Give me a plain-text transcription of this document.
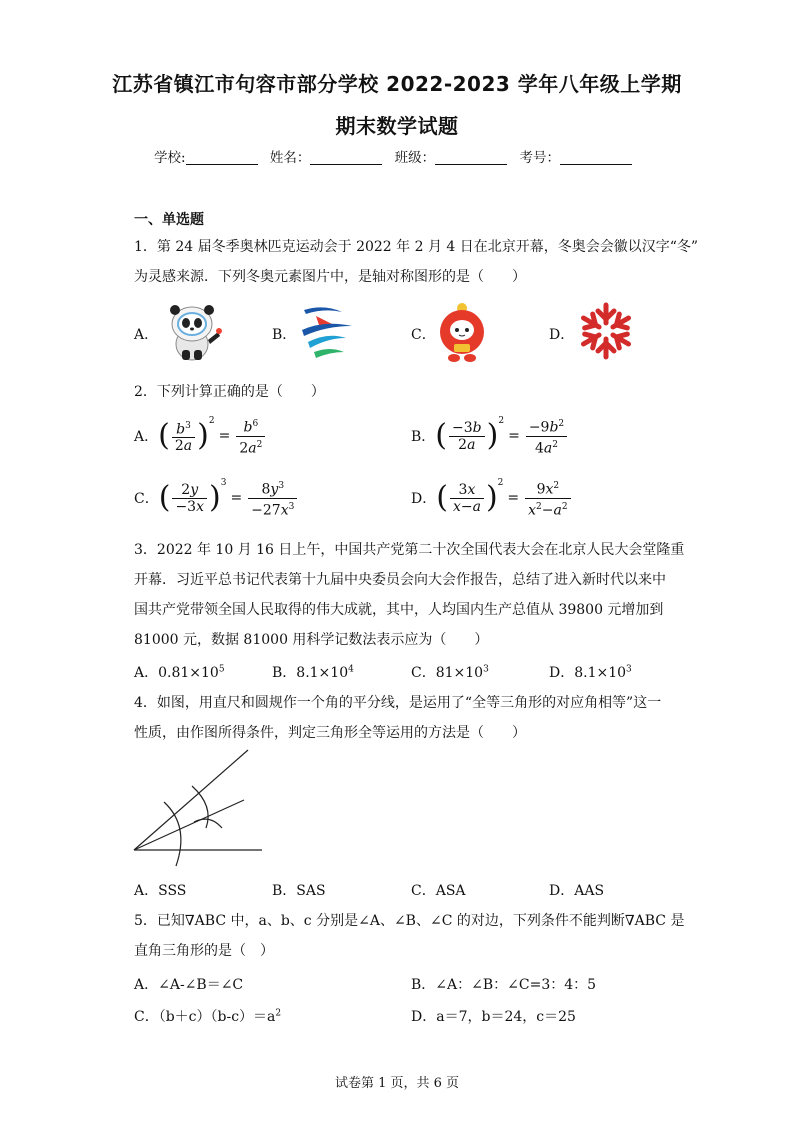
江苏省镇江市句容市部分学校 2022-2023 学年八年级上学期
期末数学试题
学校:	姓名：	班级：	考号：
一、单选题
1．第 24 届冬季奥林匹克运动会于 2022 年 2 月 4 日在北京开幕，冬奥会会徽以汉字“冬”
为灵感来源．下列冬奥元素图片中，是轴对称图形的是（　　）
A．	B．	C．	D．
2．下列计算正确的是（　　）
A． ( $\frac{b^3}{2a} )^2$
= $\frac{b^6}{2a^2}$	B． ( $\frac{-3b}{2a} )^2$
= $\frac{-9b^2}{4a^2}$
C． ( $\frac{2y}{-3x} )^3$
= $\frac{8y^3}{-27x^3}$	D． ( $\frac{3x}{x-a} )^2$
= $\frac{9x^2}{x^2-a^2}$
3．2022 年 10 月 16 日上午，中国共产党第二十次全国代表大会在北京人民大会堂隆重
开幕．习近平总书记代表第十九届中央委员会向大会作报告，总结了进入新时代以来中
国共产党带领全国人民取得的伟大成就，其中，人均国内生产总值从 39800 元增加到
81000 元，数据 81000 用科学记数法表示应为（　　）
A．$0.81\times 10^5$	B．$8.1\times 10^4$	C．$81\times 10^3$	D．$8.1\times 10^3$
4．如图，用直尺和圆规作一个角的平分线，是运用了“全等三角形的对应角相等”这一
性质，由作图所得条件，判定三角形全等运用的方法是（　　）
A．SSS	B．SAS	C．ASA	D．AAS
5．已知∇ABC 中，a、b、c 分别是∠A、∠B、∠C 的对边，下列条件不能判断∇ABC 是
直角三角形的是（　）
A．∠A-∠B＝∠C	B．∠A：∠B：∠C=3：4：5
C．$(b+c)(b-c)=a^2$	D．a＝7，b＝24，c＝25
试卷第 1 页，共 6 页
